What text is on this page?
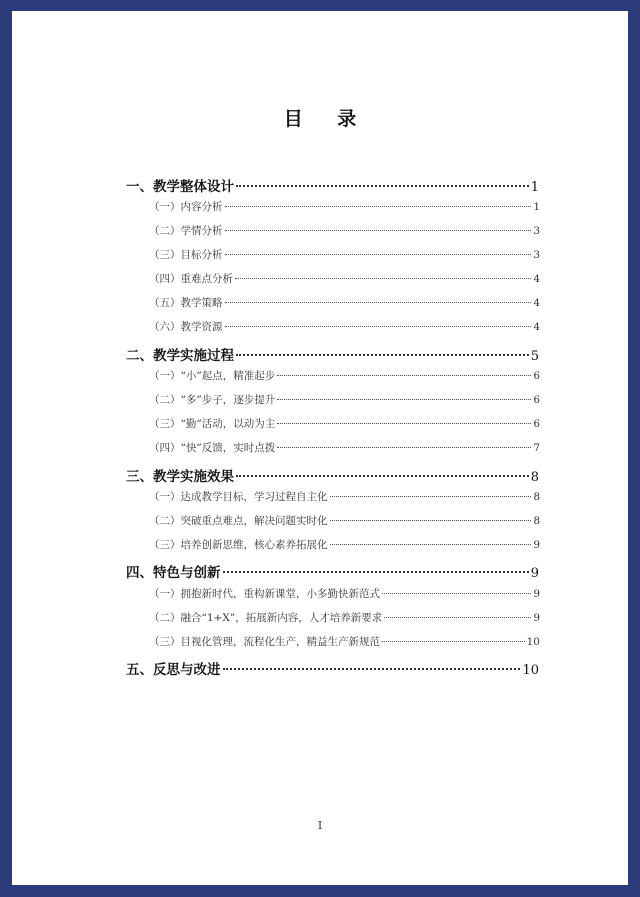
目 录
一、教学整体设计	1
（一）内容分析	1
（二）学情分析	3
（三）目标分析	3
（四）重难点分析	4
（五）教学策略	4
（六）教学资源	4
二、教学实施过程	5
（一）“小”起点，精准起步	6
（二）“多”步子，逐步提升	6
（三）“勤”活动，以动为主	6
（四）“快”反馈，实时点拨	7
三、教学实施效果	8
（一）达成教学目标，学习过程自主化	8
（二）突破重点难点，解决问题实时化	8
（三）培养创新思维，核心素养拓展化	9
四、特色与创新	9
（一）拥抱新时代，重构新课堂，小多勤快新范式	9
（二）融合“1+X”，拓展新内容，人才培养新要求	9
（三）目视化管理，流程化生产，精益生产新规范	10
五、反思与改进	10
I
